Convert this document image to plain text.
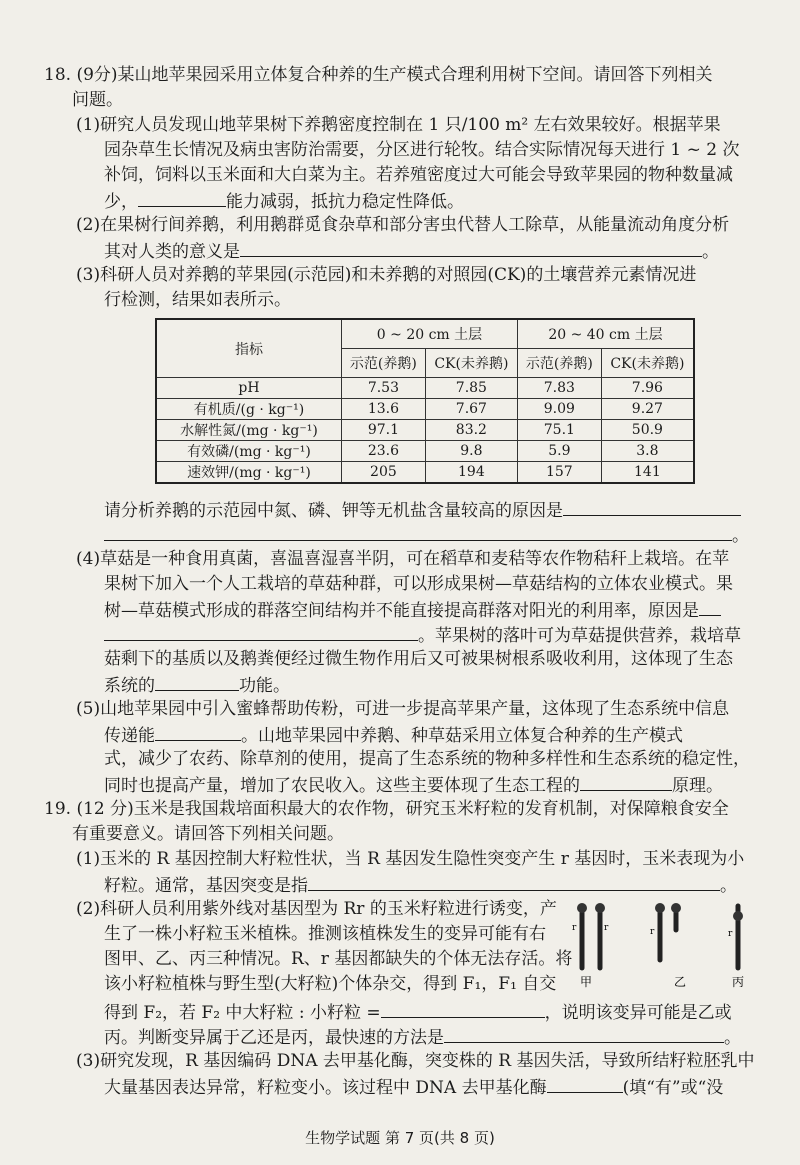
18. (9分)某山地苹果园采用立体复合种养的生产模式合理利用树下空间。请回答下列相关
问题。
(1)研究人员发现山地苹果树下养鹅密度控制在 1 只/100 m² 左右效果较好。根据苹果
园杂草生长情况及病虫害防治需要，分区进行轮牧。结合实际情况每天进行 1 ~ 2 次
补饲，饲料以玉米面和大白菜为主。若养殖密度过大可能会导致苹果园的物种数量减
少，	能力减弱，抵抗力稳定性降低。
(2)在果树行间养鹅，利用鹅群觅食杂草和部分害虫代替人工除草，从能量流动角度分析
其对人类的意义是	。
(3)科研人员对养鹅的苹果园(示范园)和未养鹅的对照园(CK)的土壤营养元素情况进
行检测，结果如表所示。
指标	0 ~ 20 cm 土层		20 ~ 40 cm 土层	
	示范(养鹅)	CK(未养鹅)	示范(养鹅)	CK(未养鹅)
pH	7.53	7.85	7.83	7.96
有机质/(g · kg⁻¹)	13.6	7.67	9.09	9.27
水解性氮/(mg · kg⁻¹)	97.1	83.2	75.1	50.9
有效磷/(mg · kg⁻¹)	23.6	9.8	5.9	3.8
速效钾/(mg · kg⁻¹)	205	194	157	141
请分析养鹅的示范园中氮、磷、钾等无机盐含量较高的原因是
。
(4)草菇是一种食用真菌，喜温喜湿喜半阴，可在稻草和麦秸等农作物秸秆上栽培。在苹
果树下加入一个人工栽培的草菇种群，可以形成果树—草菇结构的立体农业模式。果
树—草菇模式形成的群落空间结构并不能直接提高群落对阳光的利用率，原因是
。苹果树的落叶可为草菇提供营养，栽培草
菇剩下的基质以及鹅粪便经过微生物作用后又可被果树根系吸收利用，这体现了生态
系统的	功能。
(5)山地苹果园中引入蜜蜂帮助传粉，可进一步提高苹果产量，这体现了生态系统中信息
传递能	。山地苹果园中养鹅、种草菇采用立体复合种养的生产模式
式，减少了农药、除草剂的使用，提高了生态系统的物种多样性和生态系统的稳定性，
同时也提高产量，增加了农民收入。这些主要体现了生态工程的	原理。
19. (12 分)玉米是我国栽培面积最大的农作物，研究玉米籽粒的发育机制，对保障粮食安全
有重要意义。请回答下列相关问题。
(1)玉米的 R 基因控制大籽粒性状，当 R 基因发生隐性突变产生 r 基因时，玉米表现为小
籽粒。通常，基因突变是指	。
(2)科研人员利用紫外线对基因型为 Rr 的玉米籽粒进行诱变，产
生了一株小籽粒玉米植株。推测该植株发生的变异可能有右
图甲、乙、丙三种情况。R、r 基因都缺失的个体无法存活。将
该小籽粒植株与野生型(大籽粒)个体杂交，得到 F₁，F₁ 自交
得到 F₂，若 F₂ 中大籽粒 : 小籽粒 =	，说明该变异可能是乙或
丙。判断变异属于乙还是丙，最快速的方法是	。
(3)研究发现，R 基因编码 DNA 去甲基化酶，突变株的 R 基因失活，导致所结籽粒胚乳中
大量基因表达异常，籽粒变小。该过程中 DNA 去甲基化酶	(填“有”或“没
r	r
甲
r
乙
r
丙
生物学试题 第 7 页(共 8 页)
